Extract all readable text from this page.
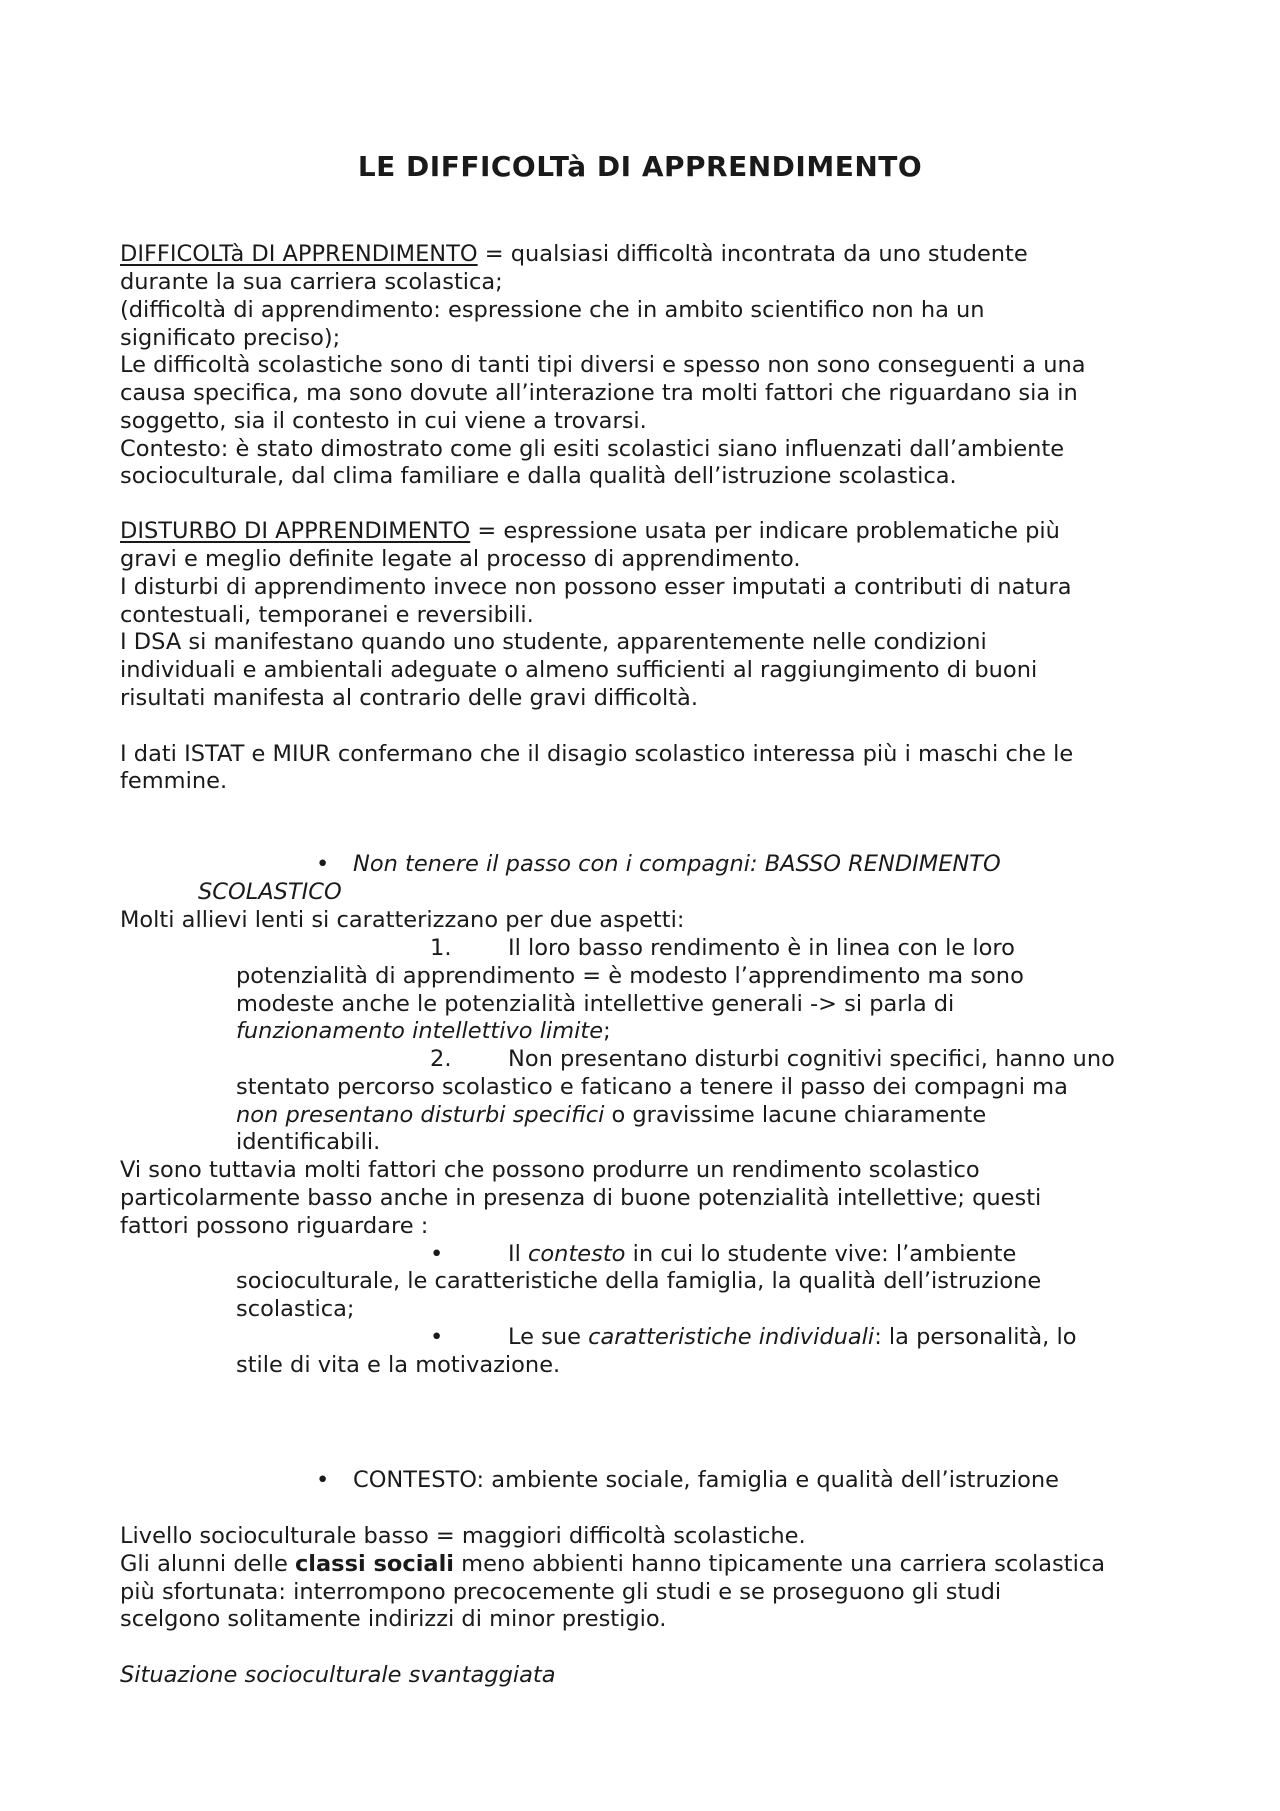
LE DIFFICOLTà DI APPRENDIMENTO
DIFFICOLTà DI APPRENDIMENTO = qualsiasi difficoltà incontrata da uno studente
durante la sua carriera scolastica;
(difficoltà di apprendimento: espressione che in ambito scientifico non ha un
significato preciso);
Le difficoltà scolastiche sono di tanti tipi diversi e spesso non sono conseguenti a una
causa specifica, ma sono dovute all’interazione tra molti fattori che riguardano sia in
soggetto, sia il contesto in cui viene a trovarsi.
Contesto: è stato dimostrato come gli esiti scolastici siano influenzati dall’ambiente
socioculturale, dal clima familiare e dalla qualità dell’istruzione scolastica.
DISTURBO DI APPRENDIMENTO = espressione usata per indicare problematiche più
gravi e meglio definite legate al processo di apprendimento.
I disturbi di apprendimento invece non possono esser imputati a contributi di natura
contestuali, temporanei e reversibili.
I DSA si manifestano quando uno studente, apparentemente nelle condizioni
individuali e ambientali adeguate o almeno sufficienti al raggiungimento di buoni
risultati manifesta al contrario delle gravi difficoltà.
I dati ISTAT e MIUR confermano che il disagio scolastico interessa più i maschi che le
femmine.
• Non tenere il passo con i compagni: BASSO RENDIMENTO
SCOLASTICO
Molti allievi lenti si caratterizzano per due aspetti:
1.	Il loro basso rendimento è in linea con le loro
potenzialità di apprendimento = è modesto l’apprendimento ma sono
modeste anche le potenzialità intellettive generali -> si parla di
funzionamento intellettivo limite;
2.	Non presentano disturbi cognitivi specifici, hanno uno
stentato percorso scolastico e faticano a tenere il passo dei compagni ma
non presentano disturbi specifici o gravissime lacune chiaramente
identificabili.
Vi sono tuttavia molti fattori che possono produrre un rendimento scolastico
particolarmente basso anche in presenza di buone potenzialità intellettive; questi
fattori possono riguardare :
•	Il contesto in cui lo studente vive: l’ambiente
socioculturale, le caratteristiche della famiglia, la qualità dell’istruzione
scolastica;
•	Le sue caratteristiche individuali: la personalità, lo
stile di vita e la motivazione.
• CONTESTO: ambiente sociale, famiglia e qualità dell’istruzione
Livello socioculturale basso = maggiori difficoltà scolastiche.
Gli alunni delle classi sociali meno abbienti hanno tipicamente una carriera scolastica
più sfortunata: interrompono precocemente gli studi e se proseguono gli studi
scelgono solitamente indirizzi di minor prestigio.
Situazione socioculturale svantaggiata
